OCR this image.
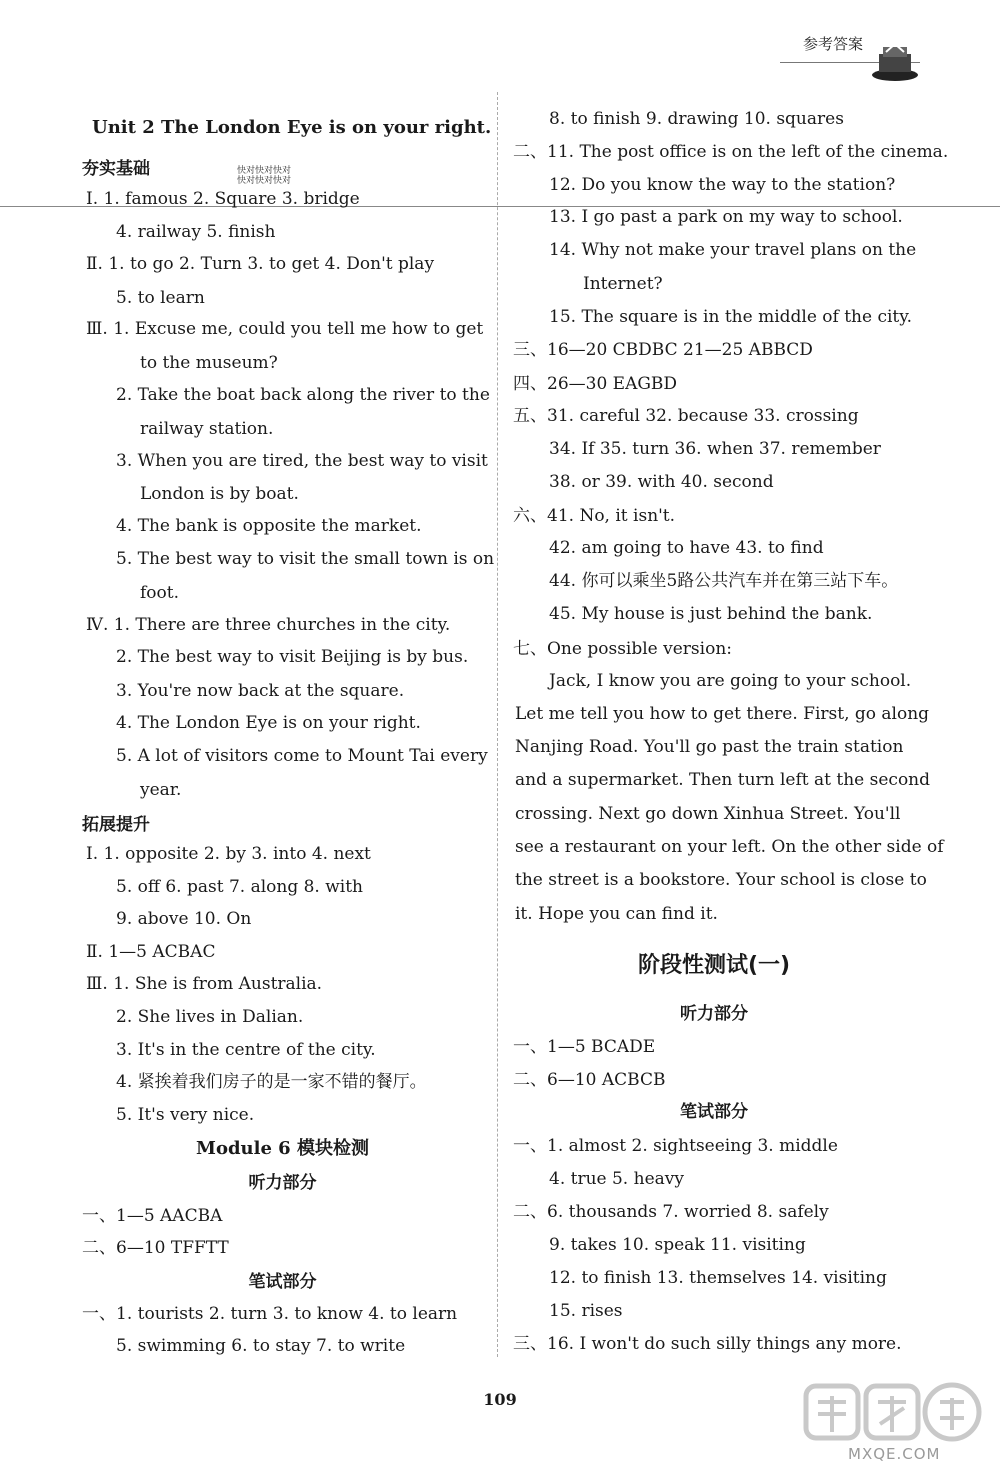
参考答案
快对快对快对
快对快对快对
Unit 2 The London Eye is on your right.
夯实基础
Ⅰ. 1. famous 2. Square 3. bridge
4. railway 5. finish
Ⅱ. 1. to go 2. Turn 3. to get 4. Don't play
5. to learn
Ⅲ. 1. Excuse me, could you tell me how to get
to the museum?
2. Take the boat back along the river to the
railway station.
3. When you are tired, the best way to visit
London is by boat.
4. The bank is opposite the market.
5. The best way to visit the small town is on
foot.
Ⅳ. 1. There are three churches in the city.
2. The best way to visit Beijing is by bus.
3. You're now back at the square.
4. The London Eye is on your right.
5. A lot of visitors come to Mount Tai every
year.
拓展提升
Ⅰ. 1. opposite 2. by 3. into 4. next
5. off 6. past 7. along 8. with
9. above 10. On
Ⅱ. 1—5 ACBAC
Ⅲ. 1. She is from Australia.
2. She lives in Dalian.
3. It's in the centre of the city.
4. 紧挨着我们房子的是一家不错的餐厅。
5. It's very nice.
Module 6 模块检测
听力部分
一、1—5 AACBA
二、6—10 TFFTT
笔试部分
一、1. tourists 2. turn 3. to know 4. to learn
5. swimming 6. to stay 7. to write
8. to finish 9. drawing 10. squares
二、11. The post office is on the left of the cinema.
12. Do you know the way to the station?
13. I go past a park on my way to school.
14. Why not make your travel plans on the
Internet?
15. The square is in the middle of the city.
三、16—20 CBDBC 21—25 ABBCD
四、26—30 EAGBD
五、31. careful 32. because 33. crossing
34. If 35. turn 36. when 37. remember
38. or 39. with 40. second
六、41. No, it isn't.
42. am going to have 43. to find
44. 你可以乘坐5路公共汽车并在第三站下车。
45. My house is just behind the bank.
七、One possible version:
Jack, I know you are going to your school.
Let me tell you how to get there. First, go along
Nanjing Road. You'll go past the train station
and a supermarket. Then turn left at the second
crossing. Next go down Xinhua Street. You'll
see a restaurant on your left. On the other side of
the street is a bookstore. Your school is close to
it. Hope you can find it.
阶段性测试(一)
听力部分
一、1—5 BCADE
二、6—10 ACBCB
笔试部分
一、1. almost 2. sightseeing 3. middle
4. true 5. heavy
二、6. thousands 7. worried 8. safely
9. takes 10. speak 11. visiting
12. to finish 13. themselves 14. visiting
15. rises
三、16. I won't do such silly things any more.
109
MXQE.COM
